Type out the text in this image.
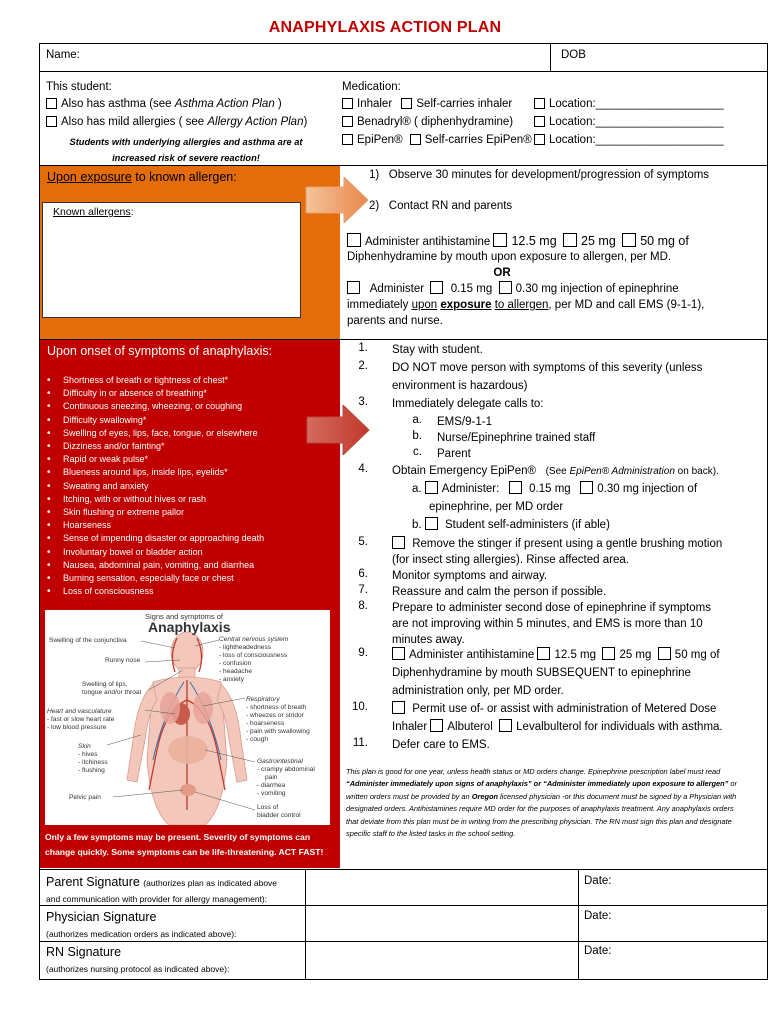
ANAPHYLAXIS ACTION PLAN
Name:	DOB
This student:
Also has asthma (see Asthma Action Plan )
Also has mild allergies ( see Allergy Action Plan)
Students with underlying allergies and asthma are at
increased risk of severe reaction!
Medication:
Inhaler Self-carries inhaler	Location:____________________
Benadryl® ( diphenhydramine)	Location:____________________
EpiPen® Self-carries EpiPen®	Location:____________________
Upon exposure to known allergen:
Known allergens:
1)   Observe 30 minutes for development/progression of symptoms
2)   Contact RN and parents
Administer antihistamine 12.5 mg 25 mg 50 mg of
Diphenhydramine by mouth upon exposure to allergen, per MD.
OR
Administer 0.15 mg 0.30 mg injection of epinephrine
immediately upon exposure to allergen, per MD and call EMS (9-1-1),
parents and nurse.
Upon onset of symptoms of anaphylaxis:
• Shortness of breath or tightness of chest*
• Difficulty in or absence of breathing*
• Continuous sneezing, wheezing, or coughing
• Difficulty swallowing*
• Swelling of eyes, lips, face, tongue, or elsewhere
• Dizziness and/or fainting*
• Rapid or weak pulse*
• Blueness around lips, inside lips, eyelids*
• Sweating and anxiety
• Itching, with or without hives or rash
• Skin flushing or extreme pallor
• Hoarseness
• Sense of impending disaster or approaching death
• Involuntary bowel or bladder action
• Nausea, abdominal pain, vomiting, and diarrhea
• Burning sensation, especially face or chest
• Loss of consciousness
Signs and symptoms of
Anaphylaxis
Swelling of the conjunctiva
Runny nose
Swelling of lips,
tongue and/or throat
Heart and vasculature
- fast or slow heart rate
- low blood pressure
Skin
- hives
- itchiness
- flushing
Pelvic pain
Central nervous system
- lightheadedness
- loss of consciousness
- confusion
- headache
- anxiety
Respiratory
- shortness of breath
- wheezes or stridor
- hoarseness
- pain with swallowing
- cough
Gastrointestinal
- crampy abdominal
pain
- diarrhea
- vomiting
Loss of
bladder control
Only a few symptoms may be present. Severity of symptoms can
change quickly. Some symptoms can be life-threatening. ACT FAST!
1. Stay with student.
2. DO NOT move person with symptoms of this severity (unless
environment is hazardous)
3. Immediately delegate calls to:
a. EMS/9-1-1
b. Nurse/Epinephrine trained staff
c. Parent
4. Obtain Emergency EpiPen® (See EpiPen® Administration on back).
a. Administer:	0.15 mg 0.30 mg injection of
epinephrine, per MD order
b. Student self-administers (if able)
5.	Remove the stinger if present using a gentle brushing motion
(for insect sting allergies). Rinse affected area.
6. Monitor symptoms and airway.
7. Reassure and calm the person if possible.
8. Prepare to administer second dose of epinephrine if symptoms
are not improving within 5 minutes, and EMS is more than 10
minutes away.
9.	Administer antihistamine 12.5 mg 25 mg 50 mg of
Diphenhydramine by mouth SUBSEQUENT to epinephrine
administration only, per MD order.
10.	Permit use of- or assist with administration of Metered Dose
Inhaler Albuterol Levalbulterol for individuals with asthma.
11. Defer care to EMS.
This plan is good for one year, unless health status or MD orders change. Epinephrine prescription label must read “Administer immediately upon signs of anaphylaxis” or “Administer immediately upon exposure to allergen” or written orders must be provided by an Oregon licensed physician -or this document must be signed by a Physician with designated orders. Antihistamines require MD order for the purposes of anaphylaxis treatment. Any anaphylaxis orders that deviate from this plan must be in writing from the prescribing physician. The RN must sign this plan and designate specific staff to the listed tasks in the school setting.
Parent Signature (authorizes plan as indicated above
and communication with provider for allergy management):
Date:
Physician Signature
(authorizes medication orders as indicated above):
Date:
RN Signature
(authorizes nursing protocol as indicated above):
Date:
